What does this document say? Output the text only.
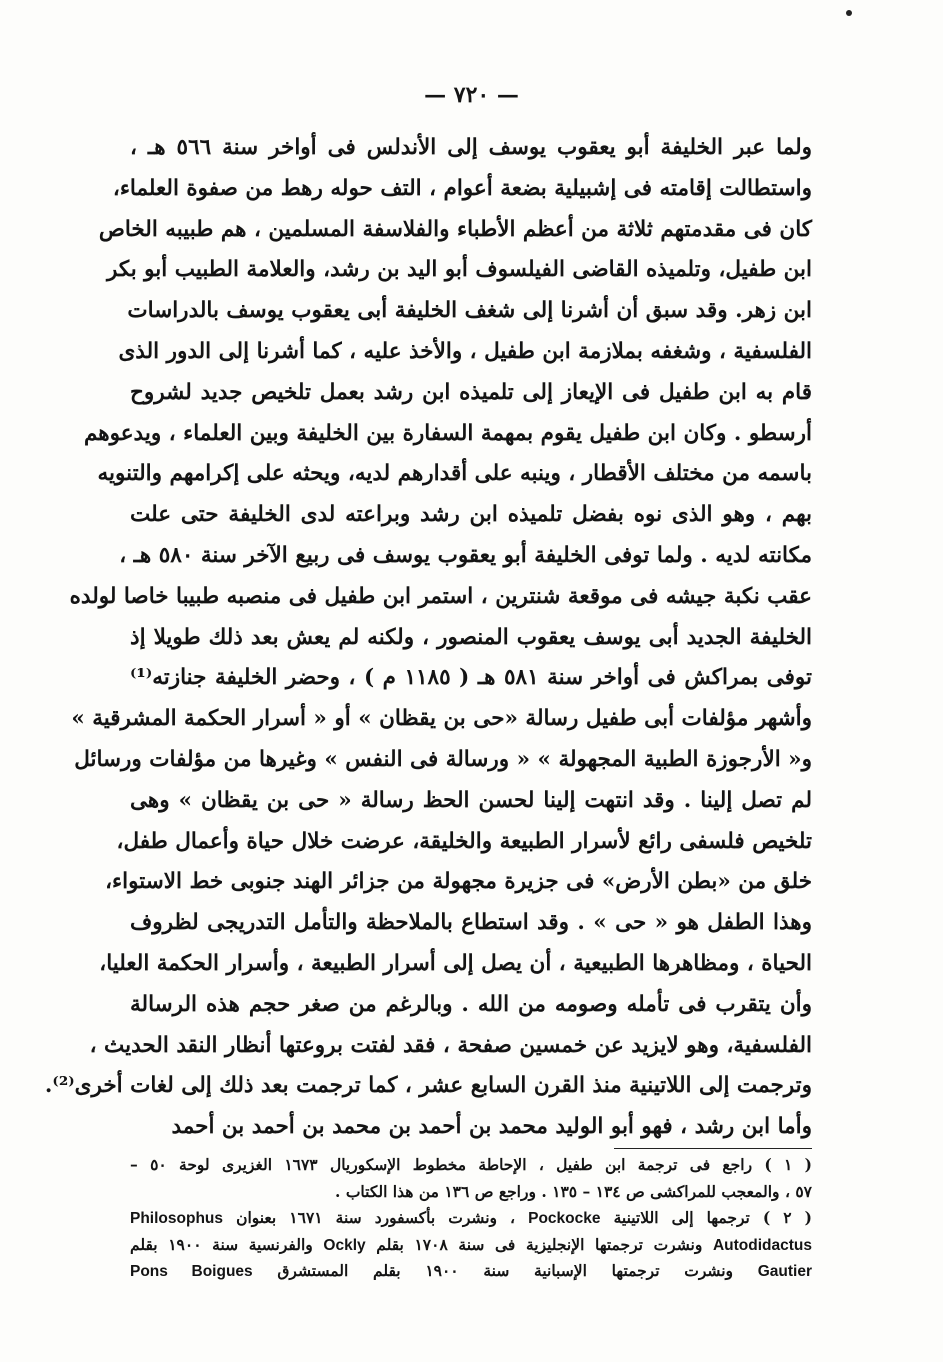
— ٧٢٠ —
ولما عبر الخليفة أبو يعقوب يوسف إلى الأندلس فى أواخر سنة ٥٦٦ هـ ،
واستطالت إقامته فى إشبيلية بضعة أعوام ، التف حوله رهط من صفوة العلماء،
كان فى مقدمتهم ثلاثة من أعظم الأطباء والفلاسفة المسلمين ، هم طبيبه الخاص
ابن طفيل، وتلميذه القاضى الفيلسوف أبو اليد بن رشد، والعلامة الطبيب أبو بكر
ابن زهر. وقد سبق أن أشرنا إلى شغف الخليفة أبى يعقوب يوسف بالدراسات
الفلسفية ، وشغفه بملازمة ابن طفيل ، والأخذ عليه ، كما أشرنا إلى الدور الذى
قام به ابن طفيل فى الإيعاز إلى تلميذه ابن رشد بعمل تلخيص جديد لشروح
أرسطو . وكان ابن طفيل يقوم بمهمة السفارة بين الخليفة وبين العلماء ، ويدعوهم
باسمه من مختلف الأقطار ، وينبه على أقدارهم لديه، ويحثه على إكرامهم والتنويه
بهم ، وهو الذى نوه بفضل تلميذه ابن رشد وبراعته لدى الخليفة حتى علت
مكانته لديه . ولما توفى الخليفة أبو يعقوب يوسف فى ربيع الآخر سنة ٥٨٠ هـ ،
عقب نكبة جيشه فى موقعة شنترين ، استمر ابن طفيل فى منصبه طبيبا خاصا لولده
الخليفة الجديد أبى يوسف يعقوب المنصور ، ولكنه لم يعش بعد ذلك طويلا إذ
توفى بمراكش فى أواخر سنة ٥٨١ هـ ( ١١٨٥ م ) ، وحضر الخليفة جنازته⁽¹⁾
وأشهر مؤلفات أبى طفيل رسالة «حى بن يقظان » أو « أسرار الحكمة المشرقية »
و« الأرجوزة الطبية المجهولة » « ورسالة فى النفس » وغيرها من مؤلفات ورسائل
لم تصل إلينا . وقد انتهت إلينا لحسن الحظ رسالة « حى بن يقظان » وهى
تلخيص فلسفى رائع لأسرار الطبيعة والخليقة، عرضت خلال حياة وأعمال طفل،
خلق من «بطن الأرض» فى جزيرة مجهولة من جزائر الهند جنوبى خط الاستواء،
وهذا الطفل هو « حى » . وقد استطاع بالملاحظة والتأمل التدريجى لظروف
الحياة ، ومظاهرها الطبيعية ، أن يصل إلى أسرار الطبيعة ، وأسرار الحكمة العليا،
وأن يتقرب فى تأمله وصومه من الله . وبالرغم من صغر حجم هذه الرسالة
الفلسفية، وهو لايزيد عن خمسين صفحة ، فقد لفتت بروعتها أنظار النقد الحديث ،
وترجمت إلى اللاتينية منذ القرن السابع عشر ، كما ترجمت بعد ذلك إلى لغات أخرى⁽²⁾.
وأما ابن رشد ، فهو أبو الوليد محمد بن أحمد بن محمد بن أحمد بن أحمد
( ١ ) راجع فى ترجمة ابن طفيل ، الإحاطة مخطوط الإسكوريال ١٦٧٣ الغزيرى لوحة ٥٠ –
٥٧ ، والمعجب للمراكشى ص ١٣٤ – ١٣٥ . وراجع ص ١٣٦ من هذا الكتاب .
( ٢ ) ترجمها إلى اللاتينية Pockocke ، ونشرت بأكسفورد سنة ١٦٧١ بعنوان Philosophus
Autodidactus ونشرت ترجمتها الإنجليزية فى سنة ١٧٠٨ بقلم Ockly والفرنسية سنة ١٩٠٠ بقلم
Gautier ونشرت ترجمتها الإسبانية سنة ١٩٠٠ بقلم المستشرق Pons Boigues
